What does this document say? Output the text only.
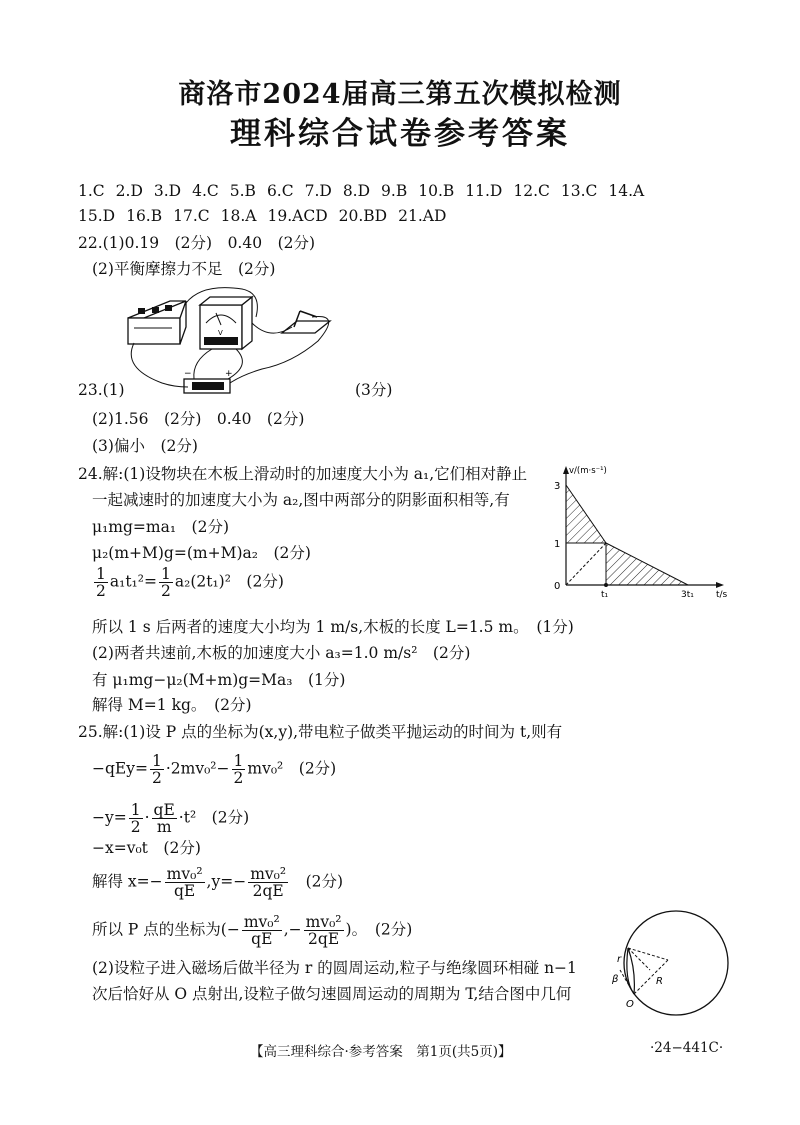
商洛市2024届高三第五次模拟检测
理科综合试卷参考答案
1.C 2.D 3.D 4.C 5.B 6.C 7.D 8.D 9.B 10.B 11.D 12.C 13.C 14.A
15.D 16.B 17.C 18.A 19.ACD 20.BD 21.AD
22.(1)0.19　(2分)　0.40　(2分)
(2)平衡摩擦力不足　(2分)
V
−	+
23.(1)	(3分)
(2)1.56　(2分)　0.40　(2分)
(3)偏小　(2分)
24.解:(1)设物块在木板上滑动时的加速度大小为 a₁,它们相对静止
一起减速时的加速度大小为 a₂,图中两部分的阴影面积相等,有
μ₁mg=ma₁　(2分)
μ₂(m+M)g=(m+M)a₂　(2分)
$\frac{1}{2} a_1t_1^2= \frac{1}{2} a_2(2t_1)^2$　(2分)
所以 1 s 后两者的速度大小均为 1 m/s,木板的长度 L=1.5 m。　(1分)
(2)两者共速前,木板的加速度大小 a₃=1.0 m/s²　(2分)
有 μ₁mg−μ₂(M+m)g=Ma₃　(1分)
解得 M=1 kg。　(2分)
v/(m·s⁻¹)
t/s
3
1
0
t₁	3t₁
25.解:(1)设 P 点的坐标为(x,y),带电粒子做类平抛运动的时间为 t,则有
$-qEy= \frac{1}{2} \cdot 2mv_0^2- \frac{1}{2} mv_0^2$　(2分)
$-y= \frac{1}{2} \cdot \frac{qE}{m} \cdot t^2$　(2分)
−x=v₀t　(2分)
解得 $x=- \frac{\text{mv₀²}}{qE} ,y=- \frac{\text{mv₀²}}{2qE}$ 　(2分)
所以 P 点的坐标为(− $\frac{\text{mv₀²}}{qE}$ ,− $\frac{\text{mv₀²}}{2qE}$ )。　(2分)
(2)设粒子进入磁场后做半径为 r 的圆周运动,粒子与绝缘圆环相碰 n−1
次后恰好从 O 点射出,设粒子做匀速圆周运动的周期为 T,结合图中几何
r
β	R
O
【高三理科综合·参考答案　第1页(共5页)】	·24−441C·
